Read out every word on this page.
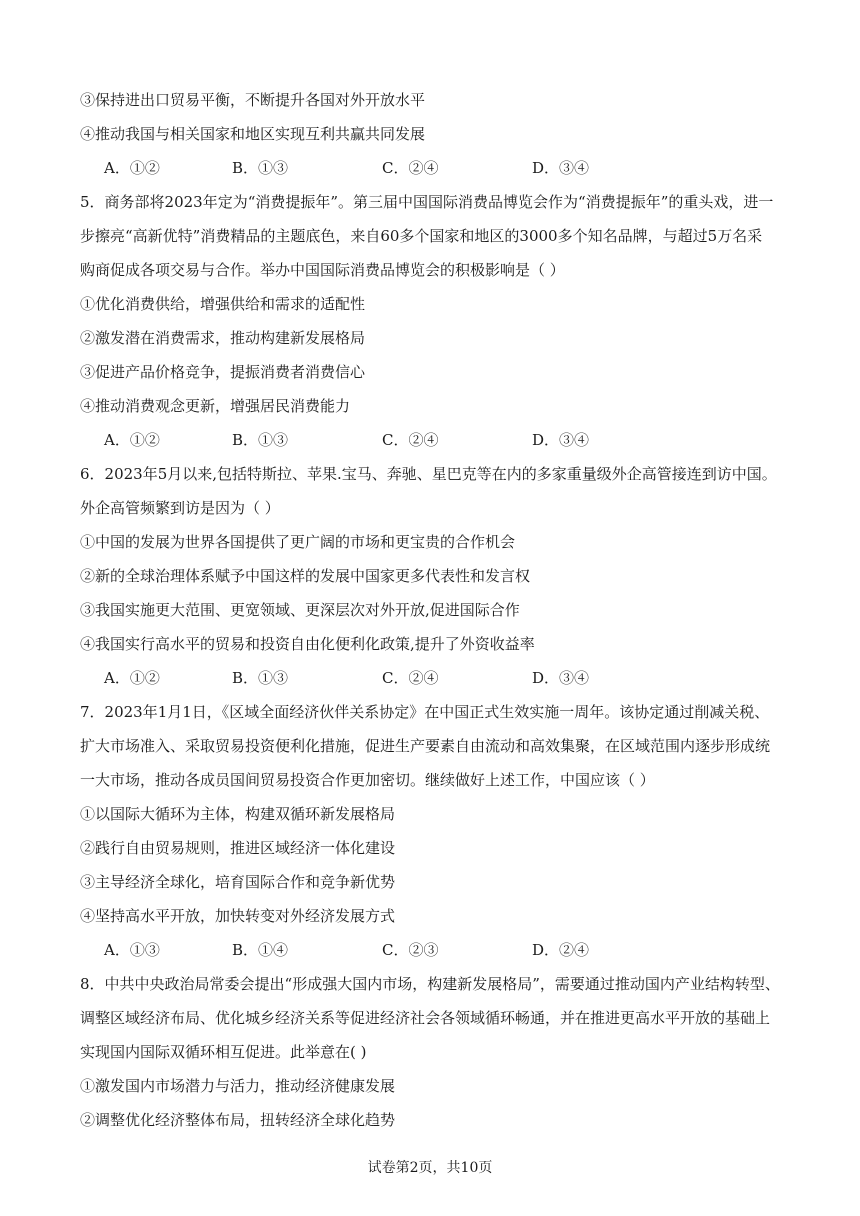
③保持进出口贸易平衡，不断提升各国对外开放水平
④推动我国与相关国家和地区实现互利共赢共同发展
A．①②	B．①③	C．②④	D．③④
5．商务部将2023年定为“消费提振年”。第三届中国国际消费品博览会作为“消费提振年”的重头戏，进一
步擦亮“高新优特”消费精品的主题底色，来自60多个国家和地区的3000多个知名品牌，与超过5万名采
购商促成各项交易与合作。举办中国国际消费品博览会的积极影响是（ ）
①优化消费供给，增强供给和需求的适配性
②激发潜在消费需求，推动构建新发展格局
③促进产品价格竞争，提振消费者消费信心
④推动消费观念更新，增强居民消费能力
A．①②	B．①③	C．②④	D．③④
6．2023年5月以来,包括特斯拉、苹果.宝马、奔驰、星巴克等在内的多家重量级外企高管接连到访中国。
外企高管频繁到访是因为（ ）
①中国的发展为世界各国提供了更广阔的市场和更宝贵的合作机会
②新的全球治理体系赋予中国这样的发展中国家更多代表性和发言权
③我国实施更大范围、更宽领域、更深层次对外开放,促进国际合作
④我国实行高水平的贸易和投资自由化便利化政策,提升了外资收益率
A．①②	B．①③	C．②④	D．③④
7．2023年1月1日，《区域全面经济伙伴关系协定》在中国正式生效实施一周年。该协定通过削减关税、
扩大市场准入、采取贸易投资便利化措施，促进生产要素自由流动和高效集聚，在区域范围内逐步形成统
一大市场，推动各成员国间贸易投资合作更加密切。继续做好上述工作，中国应该（ ）
①以国际大循环为主体，构建双循环新发展格局
②践行自由贸易规则，推进区域经济一体化建设
③主导经济全球化，培育国际合作和竞争新优势
④坚持高水平开放，加快转变对外经济发展方式
A．①③	B．①④	C．②③	D．②④
8．中共中央政治局常委会提出“形成强大国内市场，构建新发展格局”，需要通过推动国内产业结构转型、
调整区域经济布局、优化城乡经济关系等促进经济社会各领域循环畅通，并在推进更高水平开放的基础上
实现国内国际双循环相互促进。此举意在( )
①激发国内市场潜力与活力，推动经济健康发展
②调整优化经济整体布局，扭转经济全球化趋势
试卷第2页，共10页
